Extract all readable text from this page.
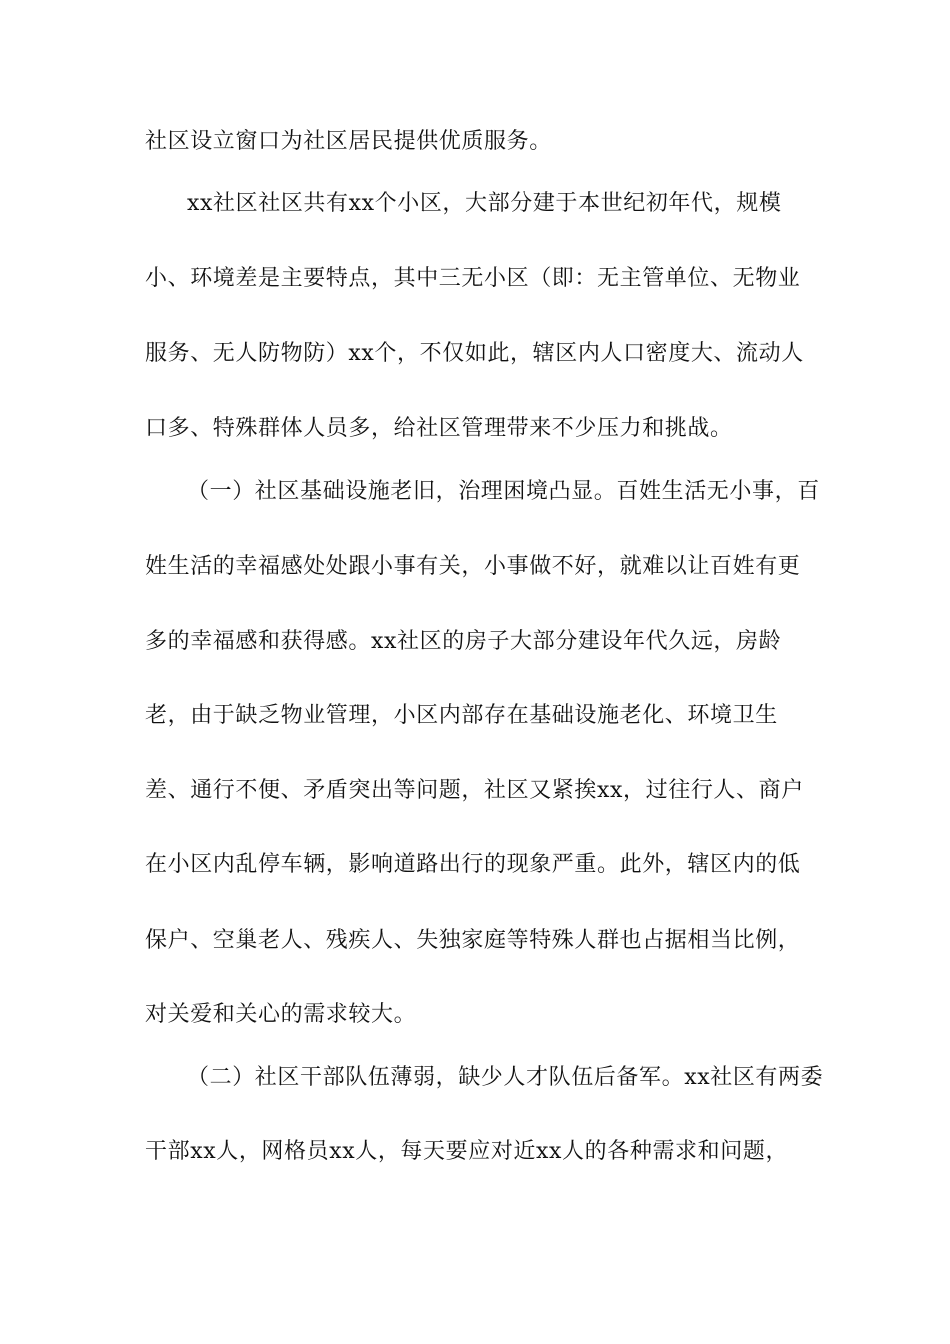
社区设立窗口为社区居民提供优质服务。
xx社区社区共有xx个小区，大部分建于本世纪初年代，规模
小、环境差是主要特点，其中三无小区（即：无主管单位、无物业
服务、无人防物防）xx个，不仅如此，辖区内人口密度大、流动人
口多、特殊群体人员多，给社区管理带来不少压力和挑战。
（一）社区基础设施老旧，治理困境凸显。百姓生活无小事，百
姓生活的幸福感处处跟小事有关，小事做不好，就难以让百姓有更
多的幸福感和获得感。xx社区的房子大部分建设年代久远，房龄
老，由于缺乏物业管理，小区内部存在基础设施老化、环境卫生
差、通行不便、矛盾突出等问题，社区又紧挨xx，过往行人、商户
在小区内乱停车辆，影响道路出行的现象严重。此外，辖区内的低
保户、空巢老人、残疾人、失独家庭等特殊人群也占据相当比例，
对关爱和关心的需求较大。
（二）社区干部队伍薄弱，缺少人才队伍后备军。xx社区有两委
干部xx人，网格员xx人，每天要应对近xx人的各种需求和问题，
